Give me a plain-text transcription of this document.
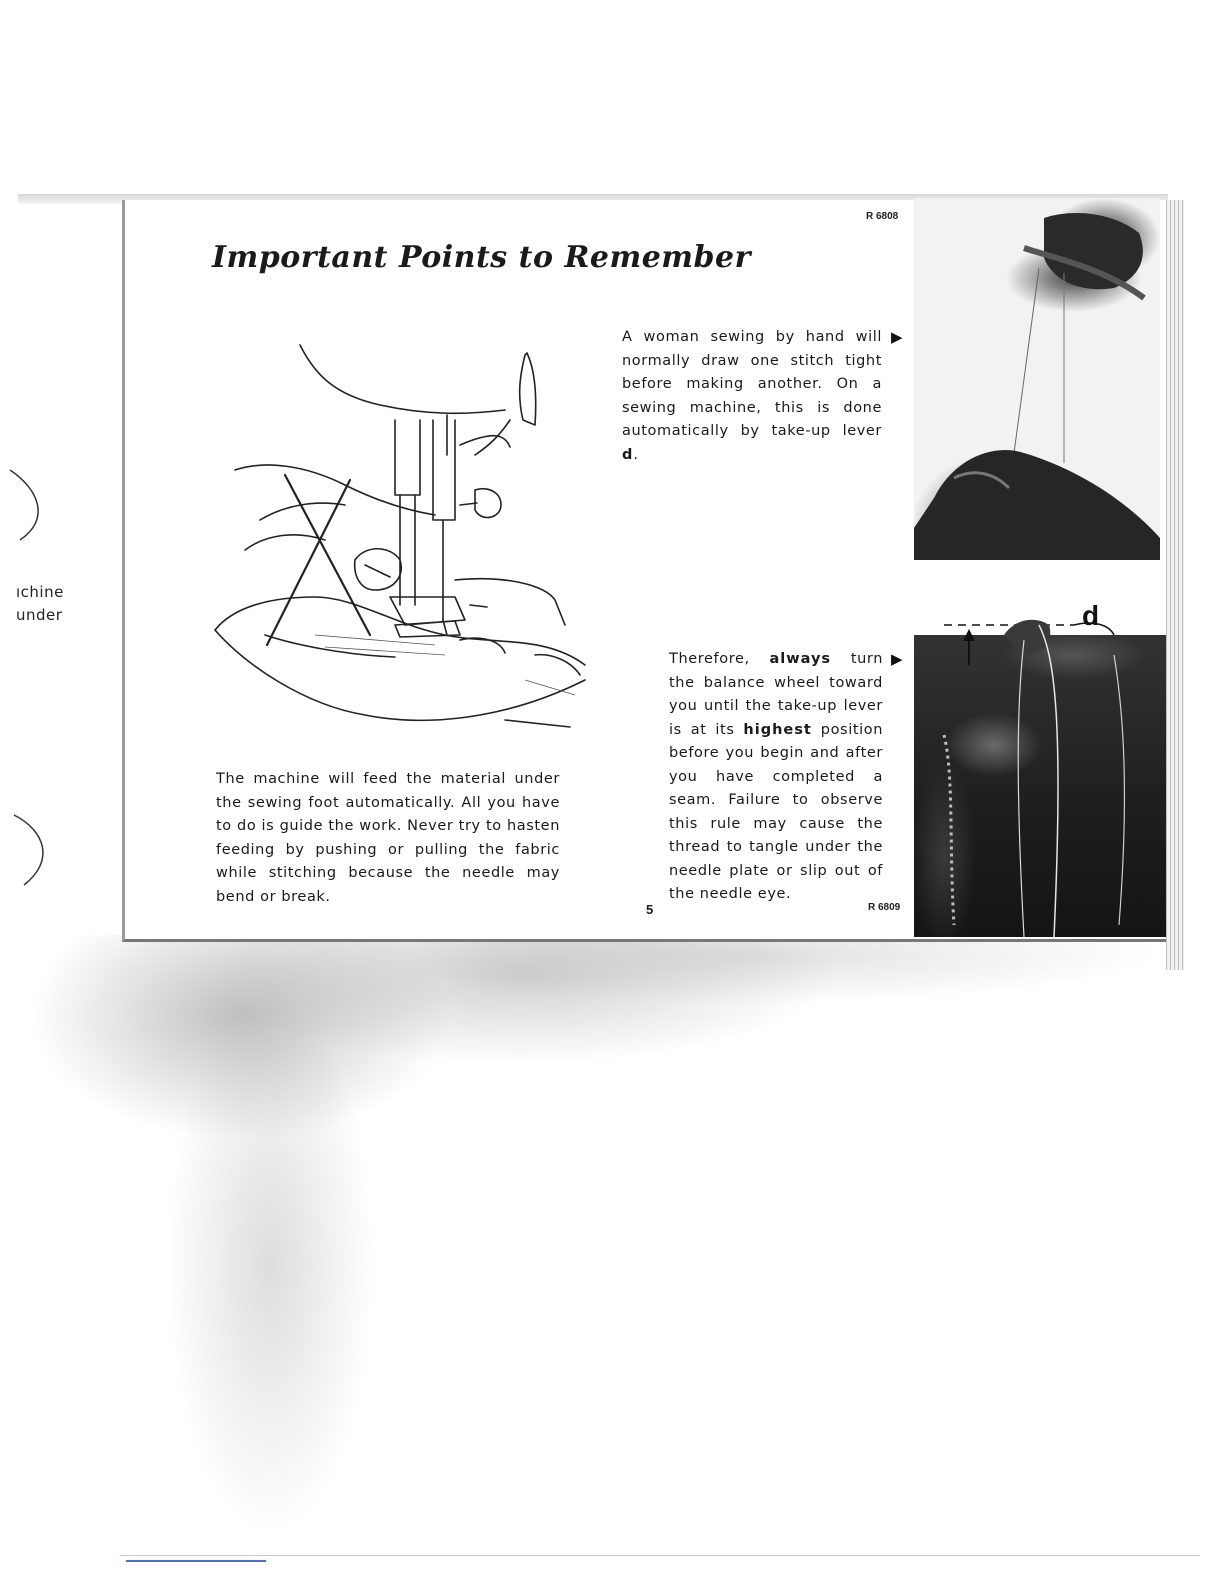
ıchine
under
Important Points to Remember
R 6808
R 6809
A woman sewing by hand will normally draw one stitch tight before making another. On a sewing machine, this is done automatically by take-up lever d.
▶
Therefore, always turn the balance wheel toward you until the take-up lever is at its highest position before you begin and after you have completed a seam. Failure to observe this rule may cause the thread to tangle under the needle plate or slip out of the needle eye.
▶
The machine will feed the material under the sewing foot automatically. All you have to do is guide the work. Never try to hasten feeding by pushing or pulling the fabric while stitching because the needle may bend or break.
5
d
